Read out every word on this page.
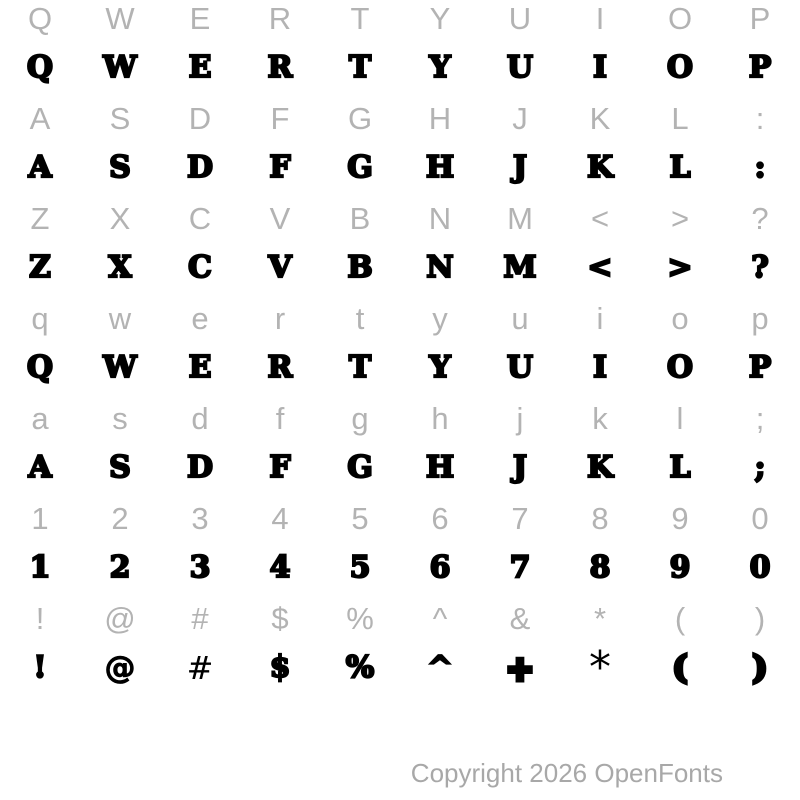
Q	W	E	R	T	Y	U	I	O	P
Q	W	E	R	T	Y	U	I	O	P
A	S	D	F	G	H	J	K	L	:
A	S	D	F	G	H	J	K	L	:
Z	X	C	V	B	N	M	<	>	?
Z	X	C	V	B	N	M	<	>	?
q	w	e	r	t	y	u	i	o	p
Q	W	E	R	T	Y	U	I	O	P
a	s	d	f	g	h	j	k	l	;
A	S	D	F	G	H	J	K	L	;
1	2	3	4	5	6	7	8	9	0
1	2	3	4	5	6	7	8	9	0
!	@	#	$	%	^	&	*	(	)
!	@	#	$	%	^	+	*	(	)
Copyright 2026 OpenFonts
